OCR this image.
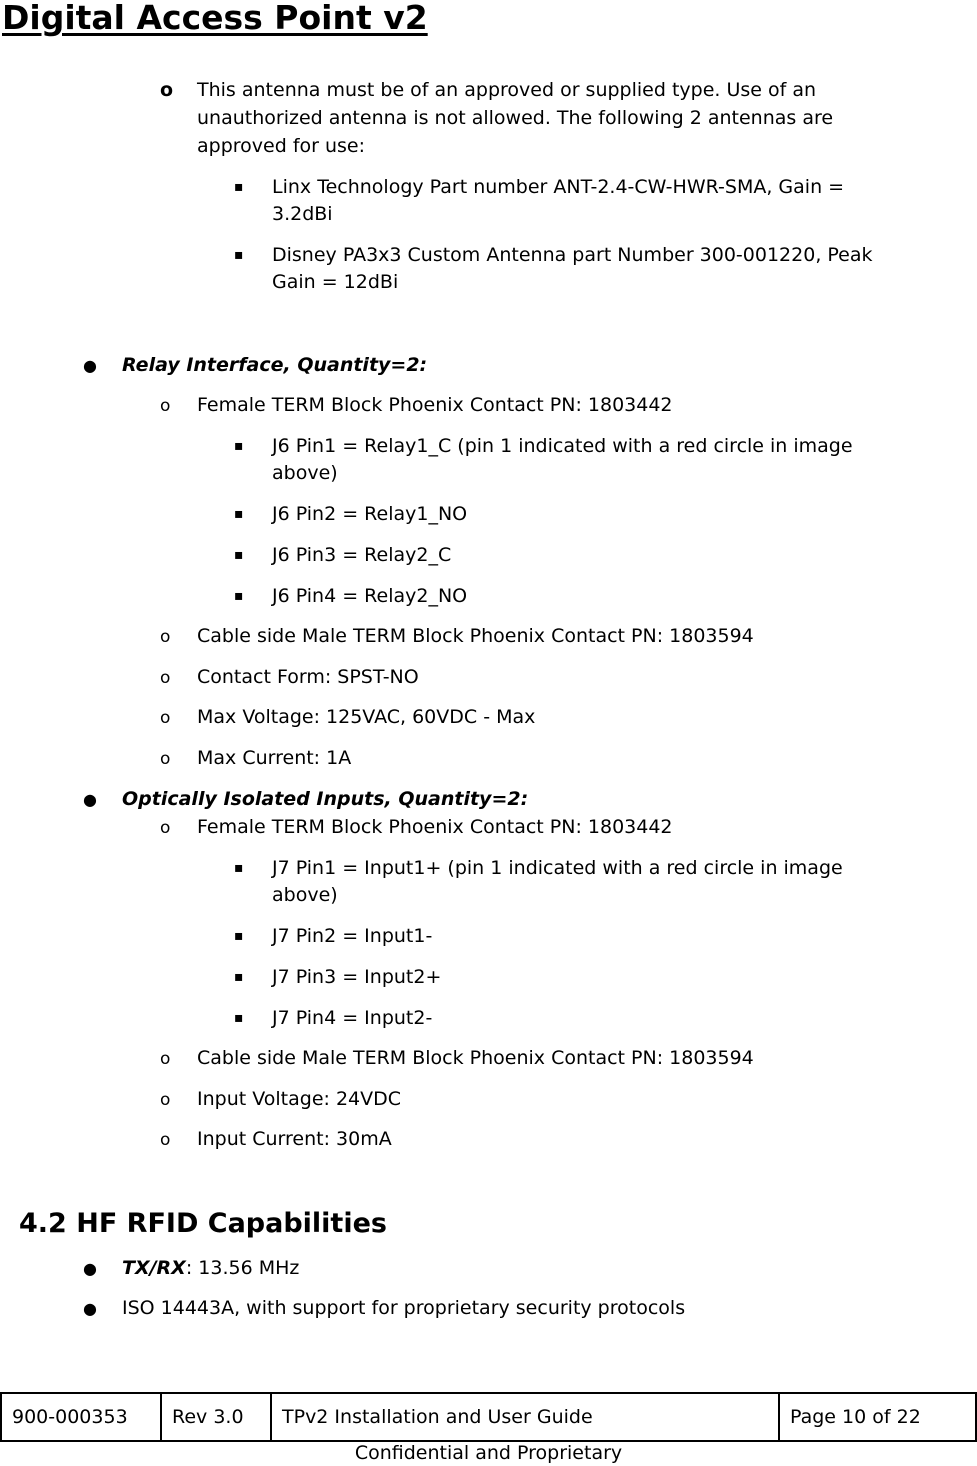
Digital Access Point v2
o This antenna must be of an approved or supplied type. Use of an
unauthorized antenna is not allowed. The following 2 antennas are
approved for use:
▪ Linx Technology Part number ANT-2.4-CW-HWR-SMA, Gain =
3.2dBi
▪ Disney PA3x3 Custom Antenna part Number 300-001220, Peak
Gain = 12dBi
● Relay Interface, Quantity=2:
o Female TERM Block Phoenix Contact PN: 1803442
▪ J6 Pin1 = Relay1_C (pin 1 indicated with a red circle in image
above)
▪ J6 Pin2 = Relay1_NO
▪ J6 Pin3 = Relay2_C
▪ J6 Pin4 = Relay2_NO
o Cable side Male TERM Block Phoenix Contact PN: 1803594
o Contact Form: SPST-NO
o Max Voltage: 125VAC, 60VDC - Max
o Max Current: 1A
● Optically Isolated Inputs, Quantity=2:
o Female TERM Block Phoenix Contact PN: 1803442
▪ J7 Pin1 = Input1+ (pin 1 indicated with a red circle in image
above)
▪ J7 Pin2 = Input1-
▪ J7 Pin3 = Input2+
▪ J7 Pin4 = Input2-
o Cable side Male TERM Block Phoenix Contact PN: 1803594
o Input Voltage: 24VDC
o Input Current: 30mA
4.2 HF RFID Capabilities
● TX/RX: 13.56 MHz
● ISO 14443A, with support for proprietary security protocols
900-000353	Rev 3.0	TPv2 Installation and User Guide	Page 10 of 22
Confidential and Proprietary
